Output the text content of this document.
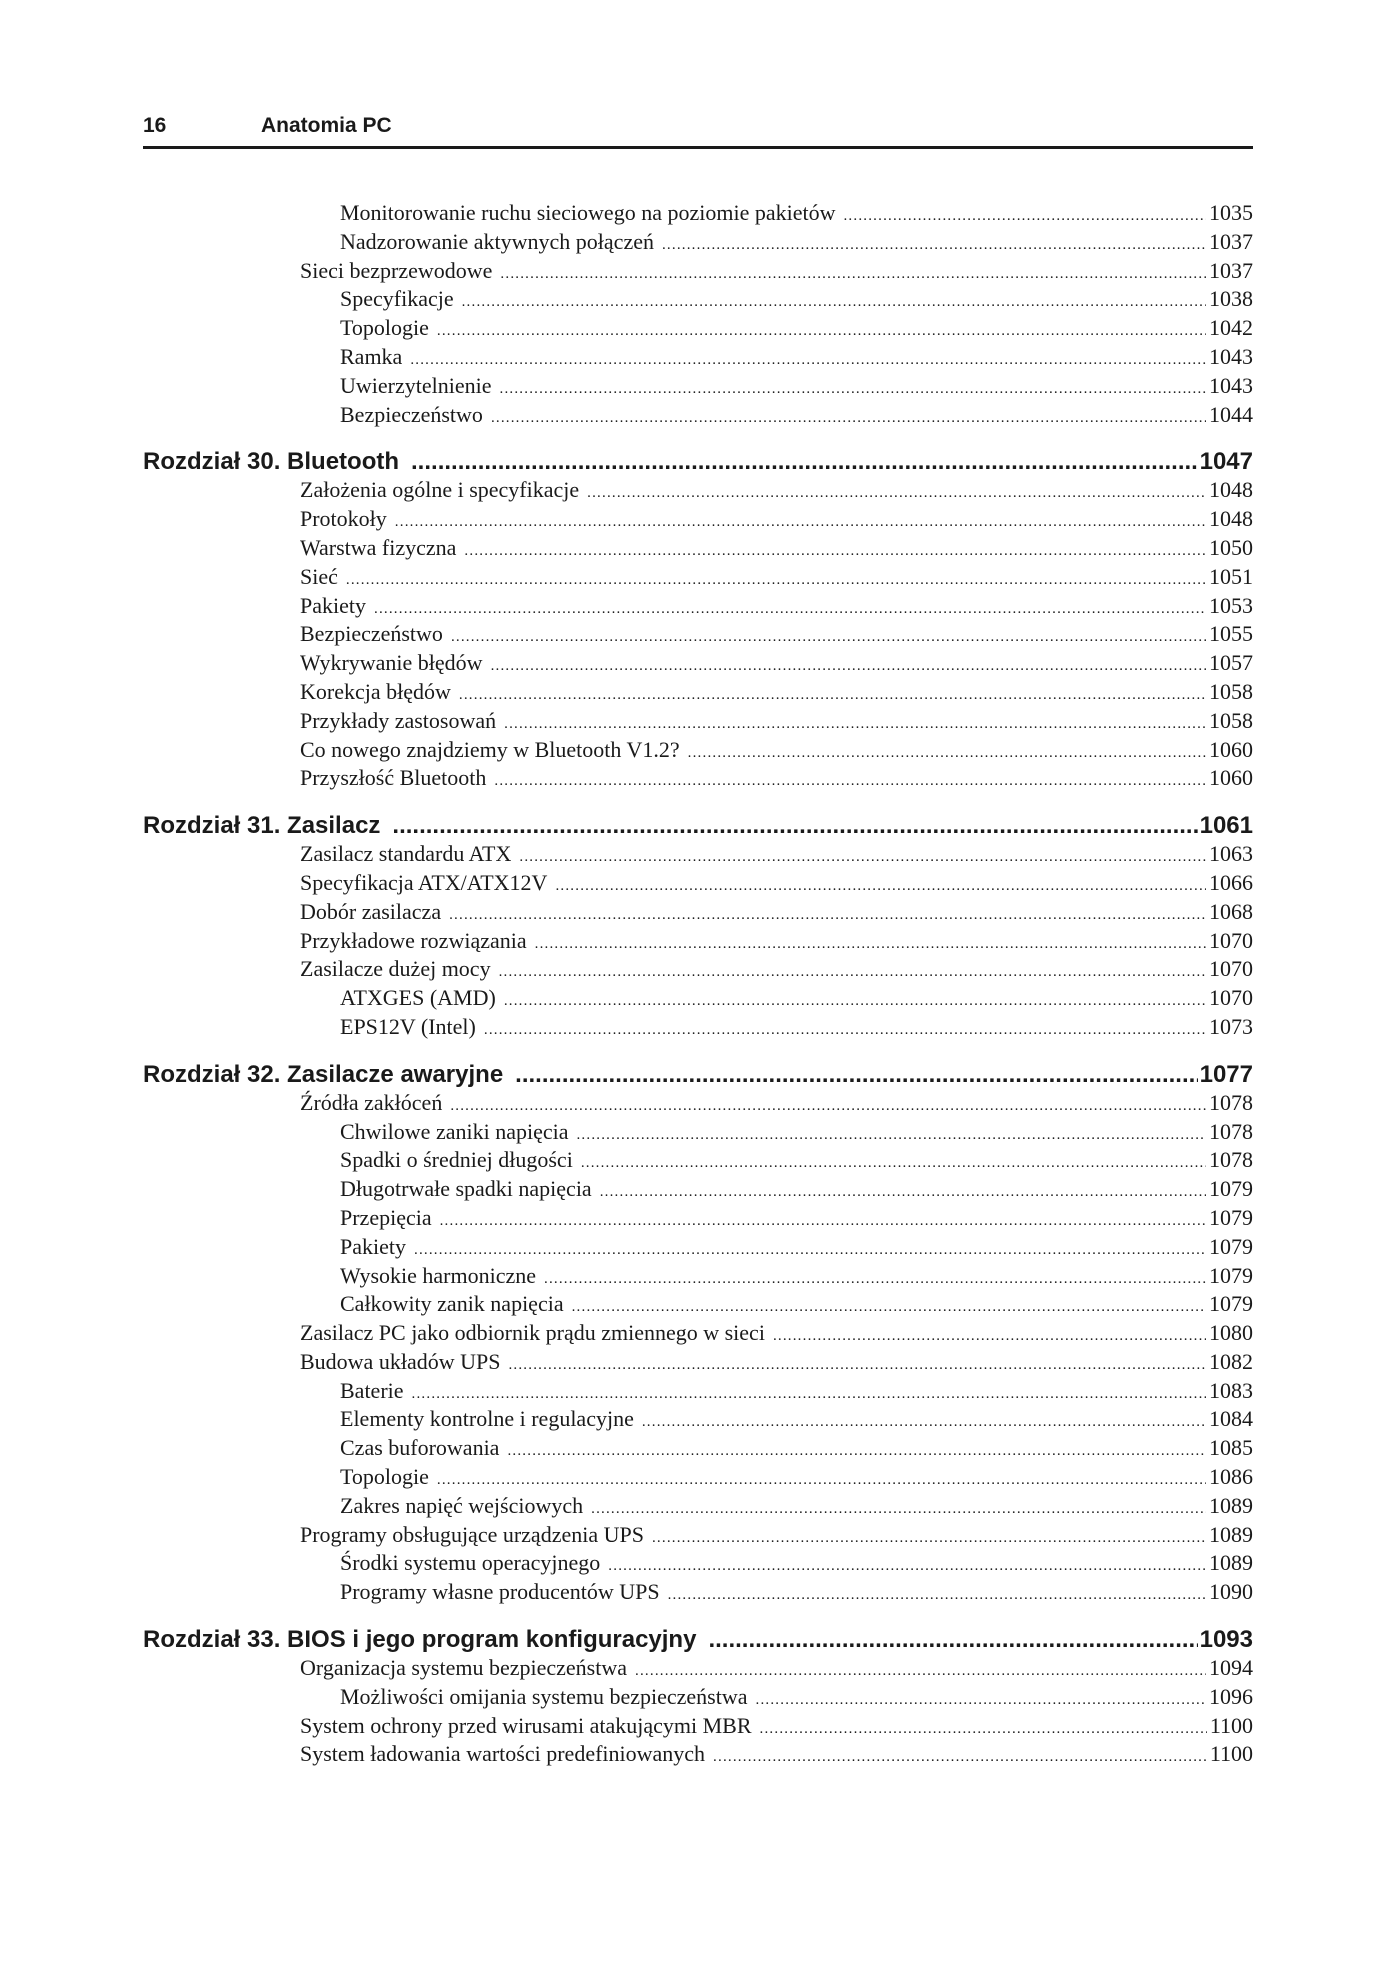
16	Anatomia PC
Monitorowanie ruchu sieciowego na poziomie pakietów .....	1035
Nadzorowanie aktywnych połączeń .....	1037
Sieci bezprzewodowe .....	1037
Specyfikacje .....	1038
Topologie .....	1042
Ramka .....	1043
Uwierzytelnienie .....	1043
Bezpieczeństwo .....	1044
Rozdział 30. Bluetooth .....	1047
Założenia ogólne i specyfikacje .....	1048
Protokoły .....	1048
Warstwa fizyczna .....	1050
Sieć .....	1051
Pakiety .....	1053
Bezpieczeństwo .....	1055
Wykrywanie błędów .....	1057
Korekcja błędów .....	1058
Przykłady zastosowań .....	1058
Co nowego znajdziemy w Bluetooth V1.2? .....	1060
Przyszłość Bluetooth .....	1060
Rozdział 31. Zasilacz .....	1061
Zasilacz standardu ATX .....	1063
Specyfikacja ATX/ATX12V .....	1066
Dobór zasilacza .....	1068
Przykładowe rozwiązania .....	1070
Zasilacze dużej mocy .....	1070
ATXGES (AMD) .....	1070
EPS12V (Intel) .....	1073
Rozdział 32. Zasilacze awaryjne .....	1077
Źródła zakłóceń .....	1078
Chwilowe zaniki napięcia .....	1078
Spadki o średniej długości .....	1078
Długotrwałe spadki napięcia .....	1079
Przepięcia .....	1079
Pakiety .....	1079
Wysokie harmoniczne .....	1079
Całkowity zanik napięcia .....	1079
Zasilacz PC jako odbiornik prądu zmiennego w sieci .....	1080
Budowa układów UPS .....	1082
Baterie .....	1083
Elementy kontrolne i regulacyjne .....	1084
Czas buforowania .....	1085
Topologie .....	1086
Zakres napięć wejściowych .....	1089
Programy obsługujące urządzenia UPS .....	1089
Środki systemu operacyjnego .....	1089
Programy własne producentów UPS .....	1090
Rozdział 33. BIOS i jego program konfiguracyjny .....	1093
Organizacja systemu bezpieczeństwa .....	1094
Możliwości omijania systemu bezpieczeństwa .....	1096
System ochrony przed wirusami atakującymi MBR .....	1100
System ładowania wartości predefiniowanych .....	1100
